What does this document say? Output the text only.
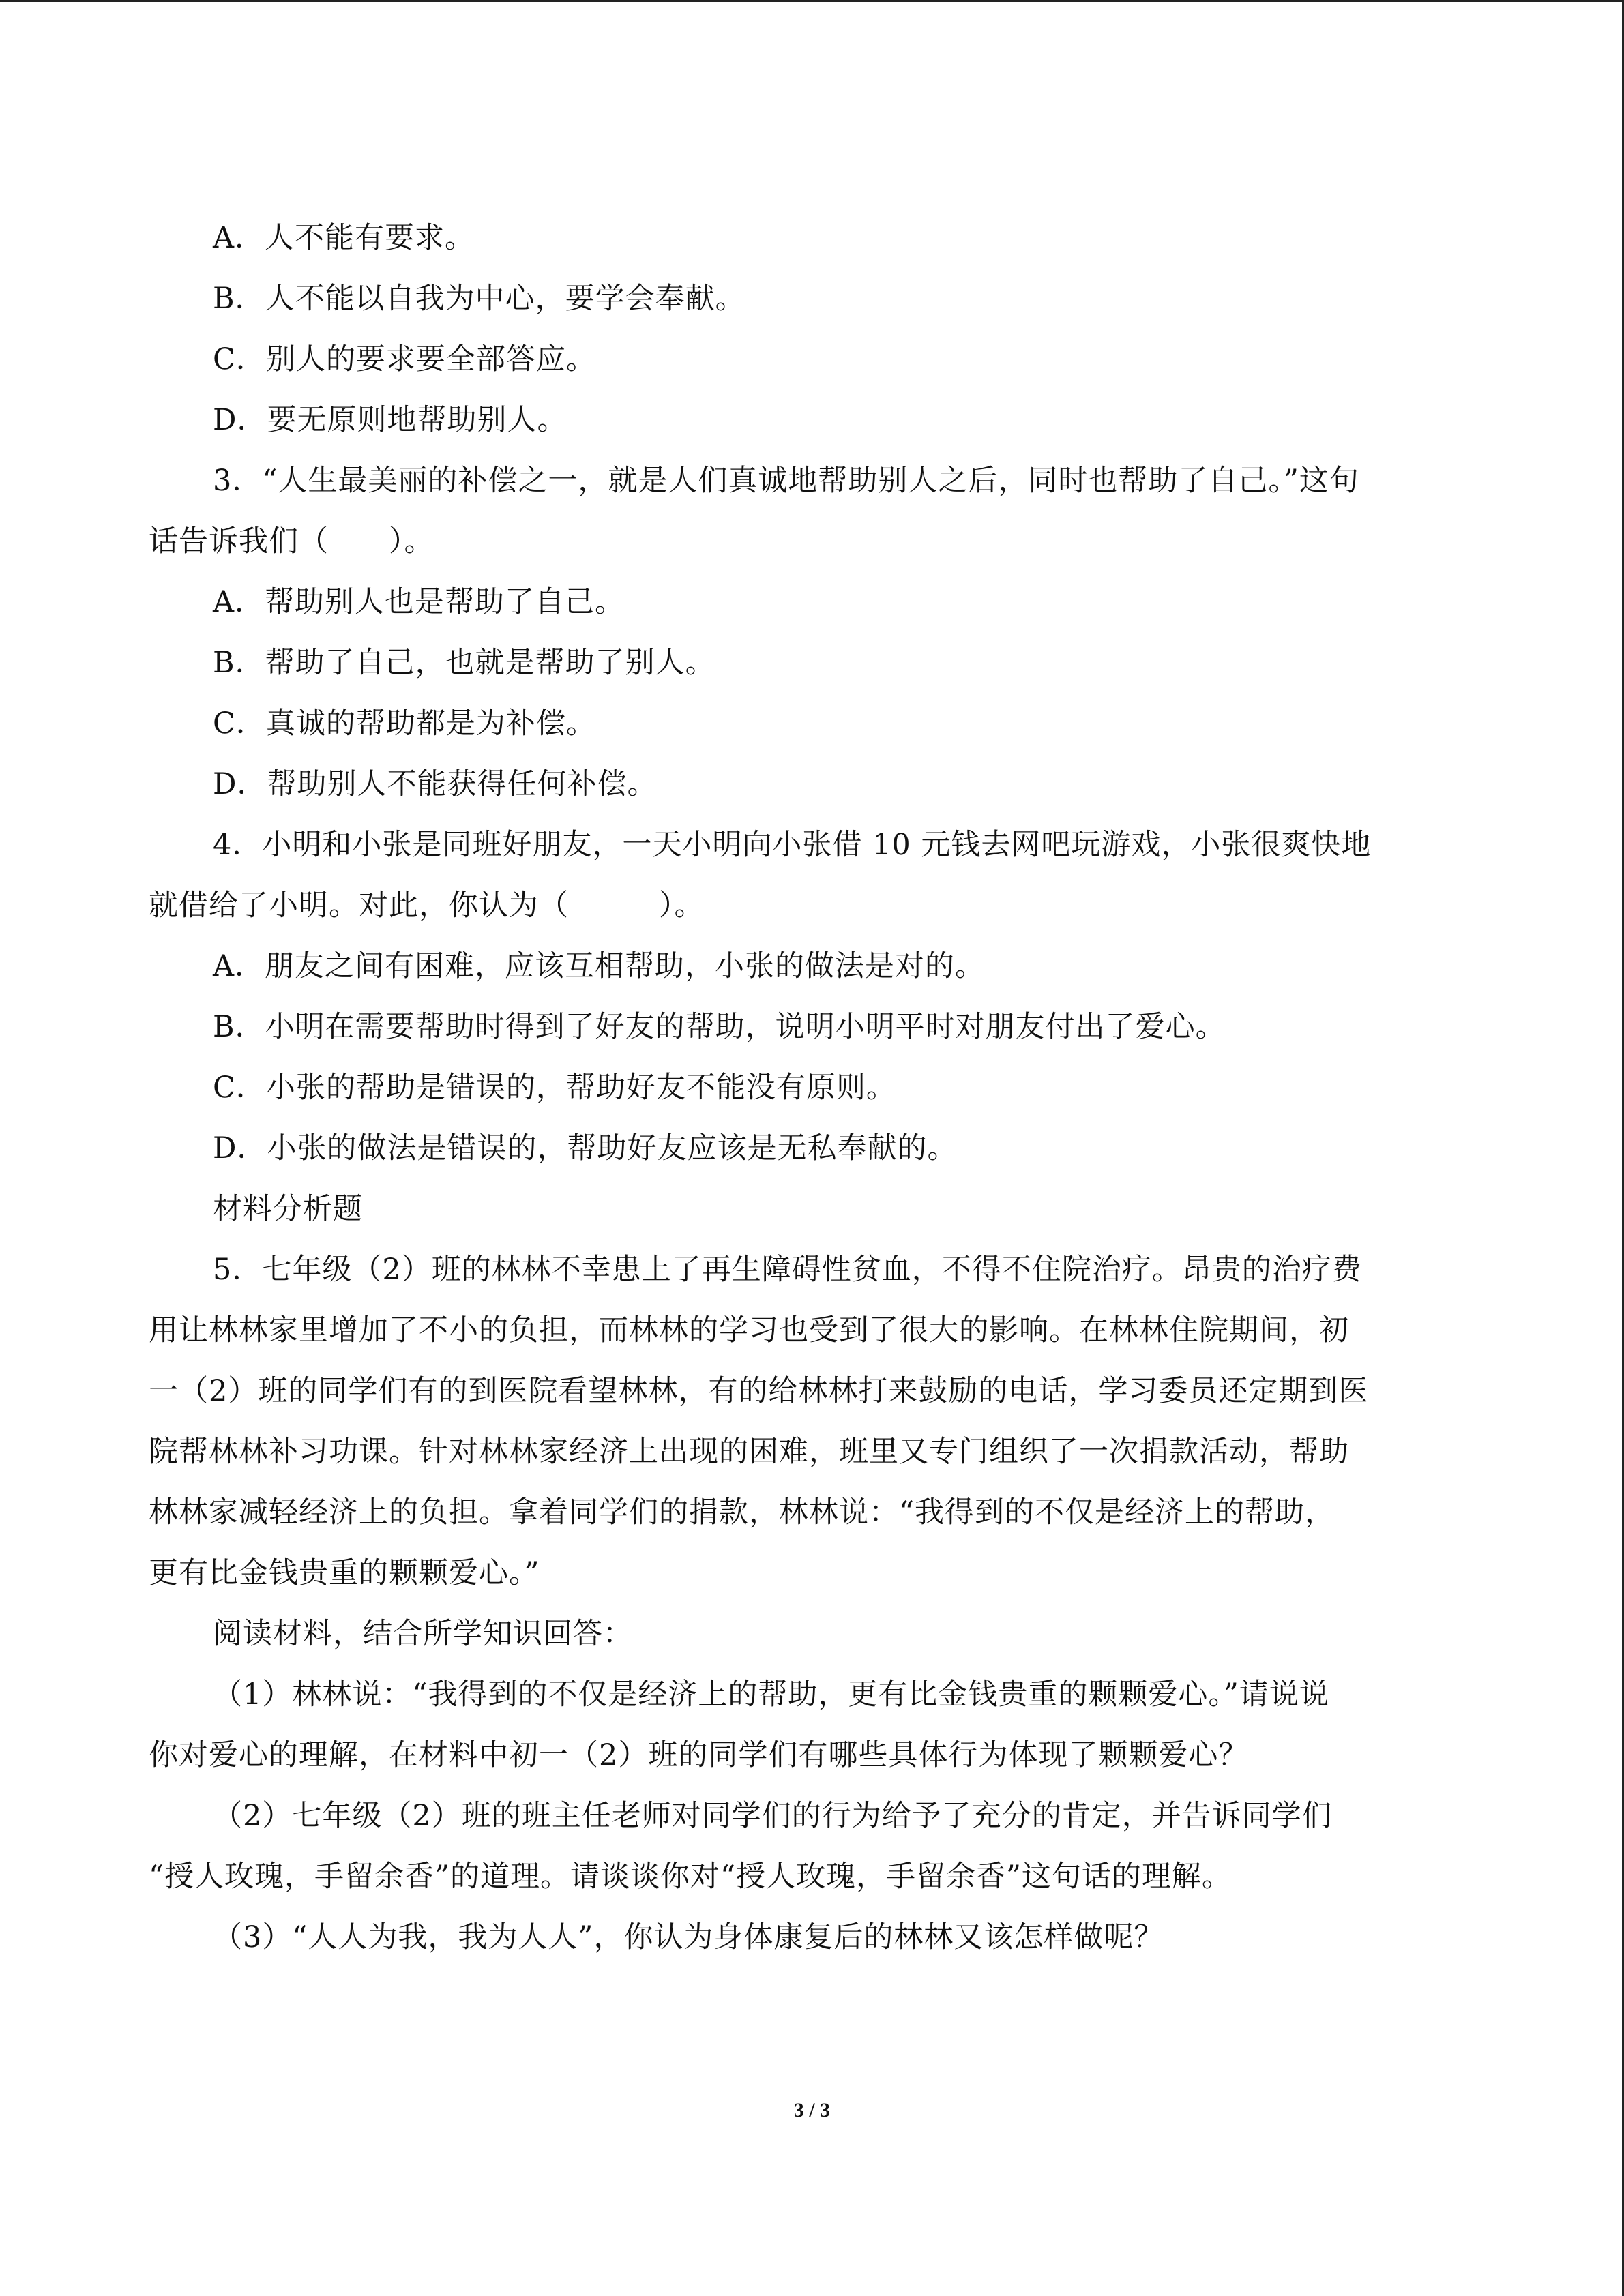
A．人不能有要求。

B．人不能以自我为中心，要学会奉献。

C．别人的要求要全部答应。

D．要无原则地帮助别人。

3．“人生最美丽的补偿之一，就是人们真诚地帮助别人之后，同时也帮助了自己。”这句

话告诉我们（　　）。

A．帮助别人也是帮助了自己。

B．帮助了自己，也就是帮助了别人。

C．真诚的帮助都是为补偿。

D．帮助别人不能获得任何补偿。

4．小明和小张是同班好朋友，一天小明向小张借 10 元钱去网吧玩游戏，小张很爽快地

就借给了小明。对此，你认为（　　　）。

A．朋友之间有困难，应该互相帮助，小张的做法是对的。

B．小明在需要帮助时得到了好友的帮助，说明小明平时对朋友付出了爱心。

C．小张的帮助是错误的，帮助好友不能没有原则。

D．小张的做法是错误的，帮助好友应该是无私奉献的。

材料分析题

5．七年级（2）班的林林不幸患上了再生障碍性贫血，不得不住院治疗。昂贵的治疗费

用让林林家里增加了不小的负担，而林林的学习也受到了很大的影响。在林林住院期间，初

一（2）班的同学们有的到医院看望林林，有的给林林打来鼓励的电话，学习委员还定期到医

院帮林林补习功课。针对林林家经济上出现的困难，班里又专门组织了一次捐款活动，帮助

林林家减轻经济上的负担。拿着同学们的捐款，林林说：“我得到的不仅是经济上的帮助，

更有比金钱贵重的颗颗爱心。”

阅读材料，结合所学知识回答：

（1）林林说：“我得到的不仅是经济上的帮助，更有比金钱贵重的颗颗爱心。”请说说

你对爱心的理解，在材料中初一（2）班的同学们有哪些具体行为体现了颗颗爱心？

（2）七年级（2）班的班主任老师对同学们的行为给予了充分的肯定，并告诉同学们

“授人玫瑰，手留余香”的道理。请谈谈你对“授人玫瑰，手留余香”这句话的理解。

（3）“人人为我，我为人人”，你认为身体康复后的林林又该怎样做呢？

3 / 3
